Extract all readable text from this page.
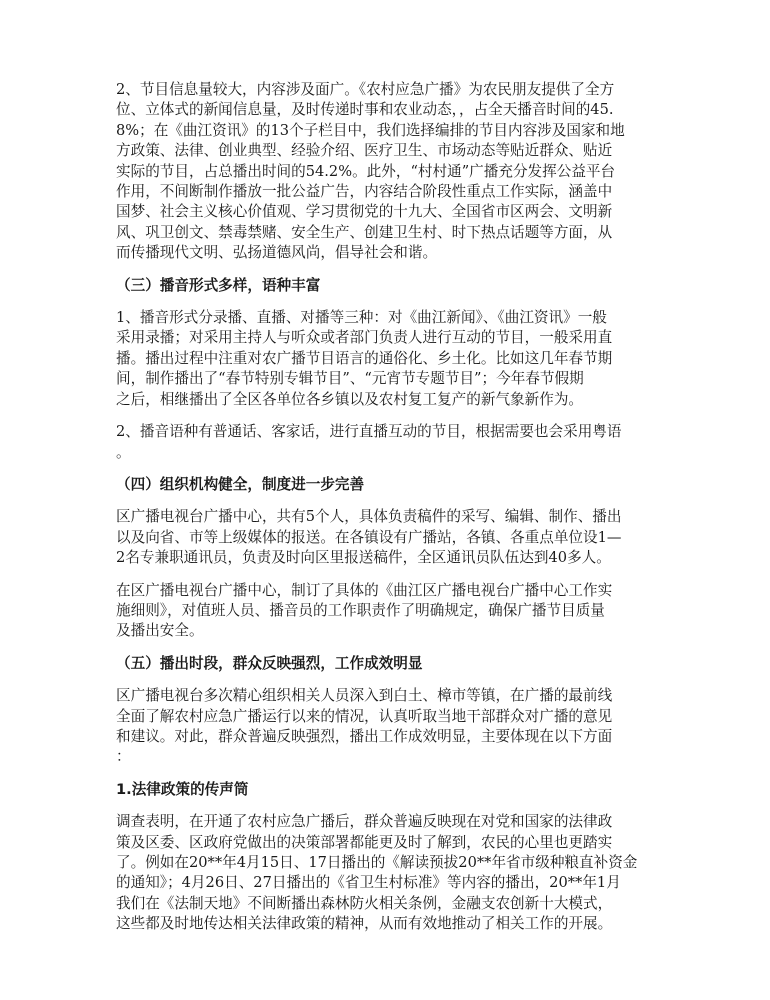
2、节目信息量较大，内容涉及面广。《农村应急广播》为农民朋友提供了全方
位、立体式的新闻信息量，及时传递时事和农业动态，，占全天播音时间的45.
8%；在《曲江资讯》的13个子栏目中，我们选择编排的节目内容涉及国家和地
方政策、法律、创业典型、经验介绍、医疗卫生、市场动态等贴近群众、贴近
实际的节目，占总播出时间的54.2%。此外，“村村通”广播充分发挥公益平台
作用，不间断制作播放一批公益广告，内容结合阶段性重点工作实际，涵盖中
国梦、社会主义核心价值观、学习贯彻党的十九大、全国省市区两会、文明新
风、巩卫创文、禁毒禁赌、安全生产、创建卫生村、时下热点话题等方面，从
而传播现代文明、弘扬道德风尚，倡导社会和谐。

（三）播音形式多样，语种丰富

1、播音形式分录播、直播、对播等三种：对《曲江新闻》、《曲江资讯》一般
采用录播；对采用主持人与听众或者部门负责人进行互动的节目，一般采用直
播。播出过程中注重对农广播节目语言的通俗化、乡土化。比如这几年春节期
间，制作播出了“春节特别专辑节目”、“元宵节专题节目”；今年春节假期
之后，相继播出了全区各单位各乡镇以及农村复工复产的新气象新作为。

2、播音语种有普通话、客家话，进行直播互动的节目，根据需要也会采用粤语
。

（四）组织机构健全，制度进一步完善

区广播电视台广播中心，共有5个人，具体负责稿件的采写、编辑、制作、播出
以及向省、市等上级媒体的报送。在各镇设有广播站，各镇、各重点单位设1—
2名专兼职通讯员，负责及时向区里报送稿件，全区通讯员队伍达到40多人。

在区广播电视台广播中心，制订了具体的《曲江区广播电视台广播中心工作实
施细则》，对值班人员、播音员的工作职责作了明确规定，确保广播节目质量
及播出安全。

（五）播出时段，群众反映强烈，工作成效明显

区广播电视台多次精心组织相关人员深入到白土、樟市等镇，在广播的最前线
全面了解农村应急广播运行以来的情况，认真听取当地干部群众对广播的意见
和建议。对此，群众普遍反映强烈，播出工作成效明显，主要体现在以下方面
：

1.法律政策的传声筒

调查表明，在开通了农村应急广播后，群众普遍反映现在对党和国家的法律政
策及区委、区政府党做出的决策部署都能更及时了解到，农民的心里也更踏实
了。例如在20**年4月15日、17日播出的《解读预拔20**年省市级种粮直补资金
的通知》；4月26日、27日播出的《省卫生村标准》等内容的播出，20**年1月
我们在《法制天地》不间断播出森林防火相关条例，金融支农创新十大模式，
这些都及时地传达相关法律政策的精神，从而有效地推动了相关工作的开展。
